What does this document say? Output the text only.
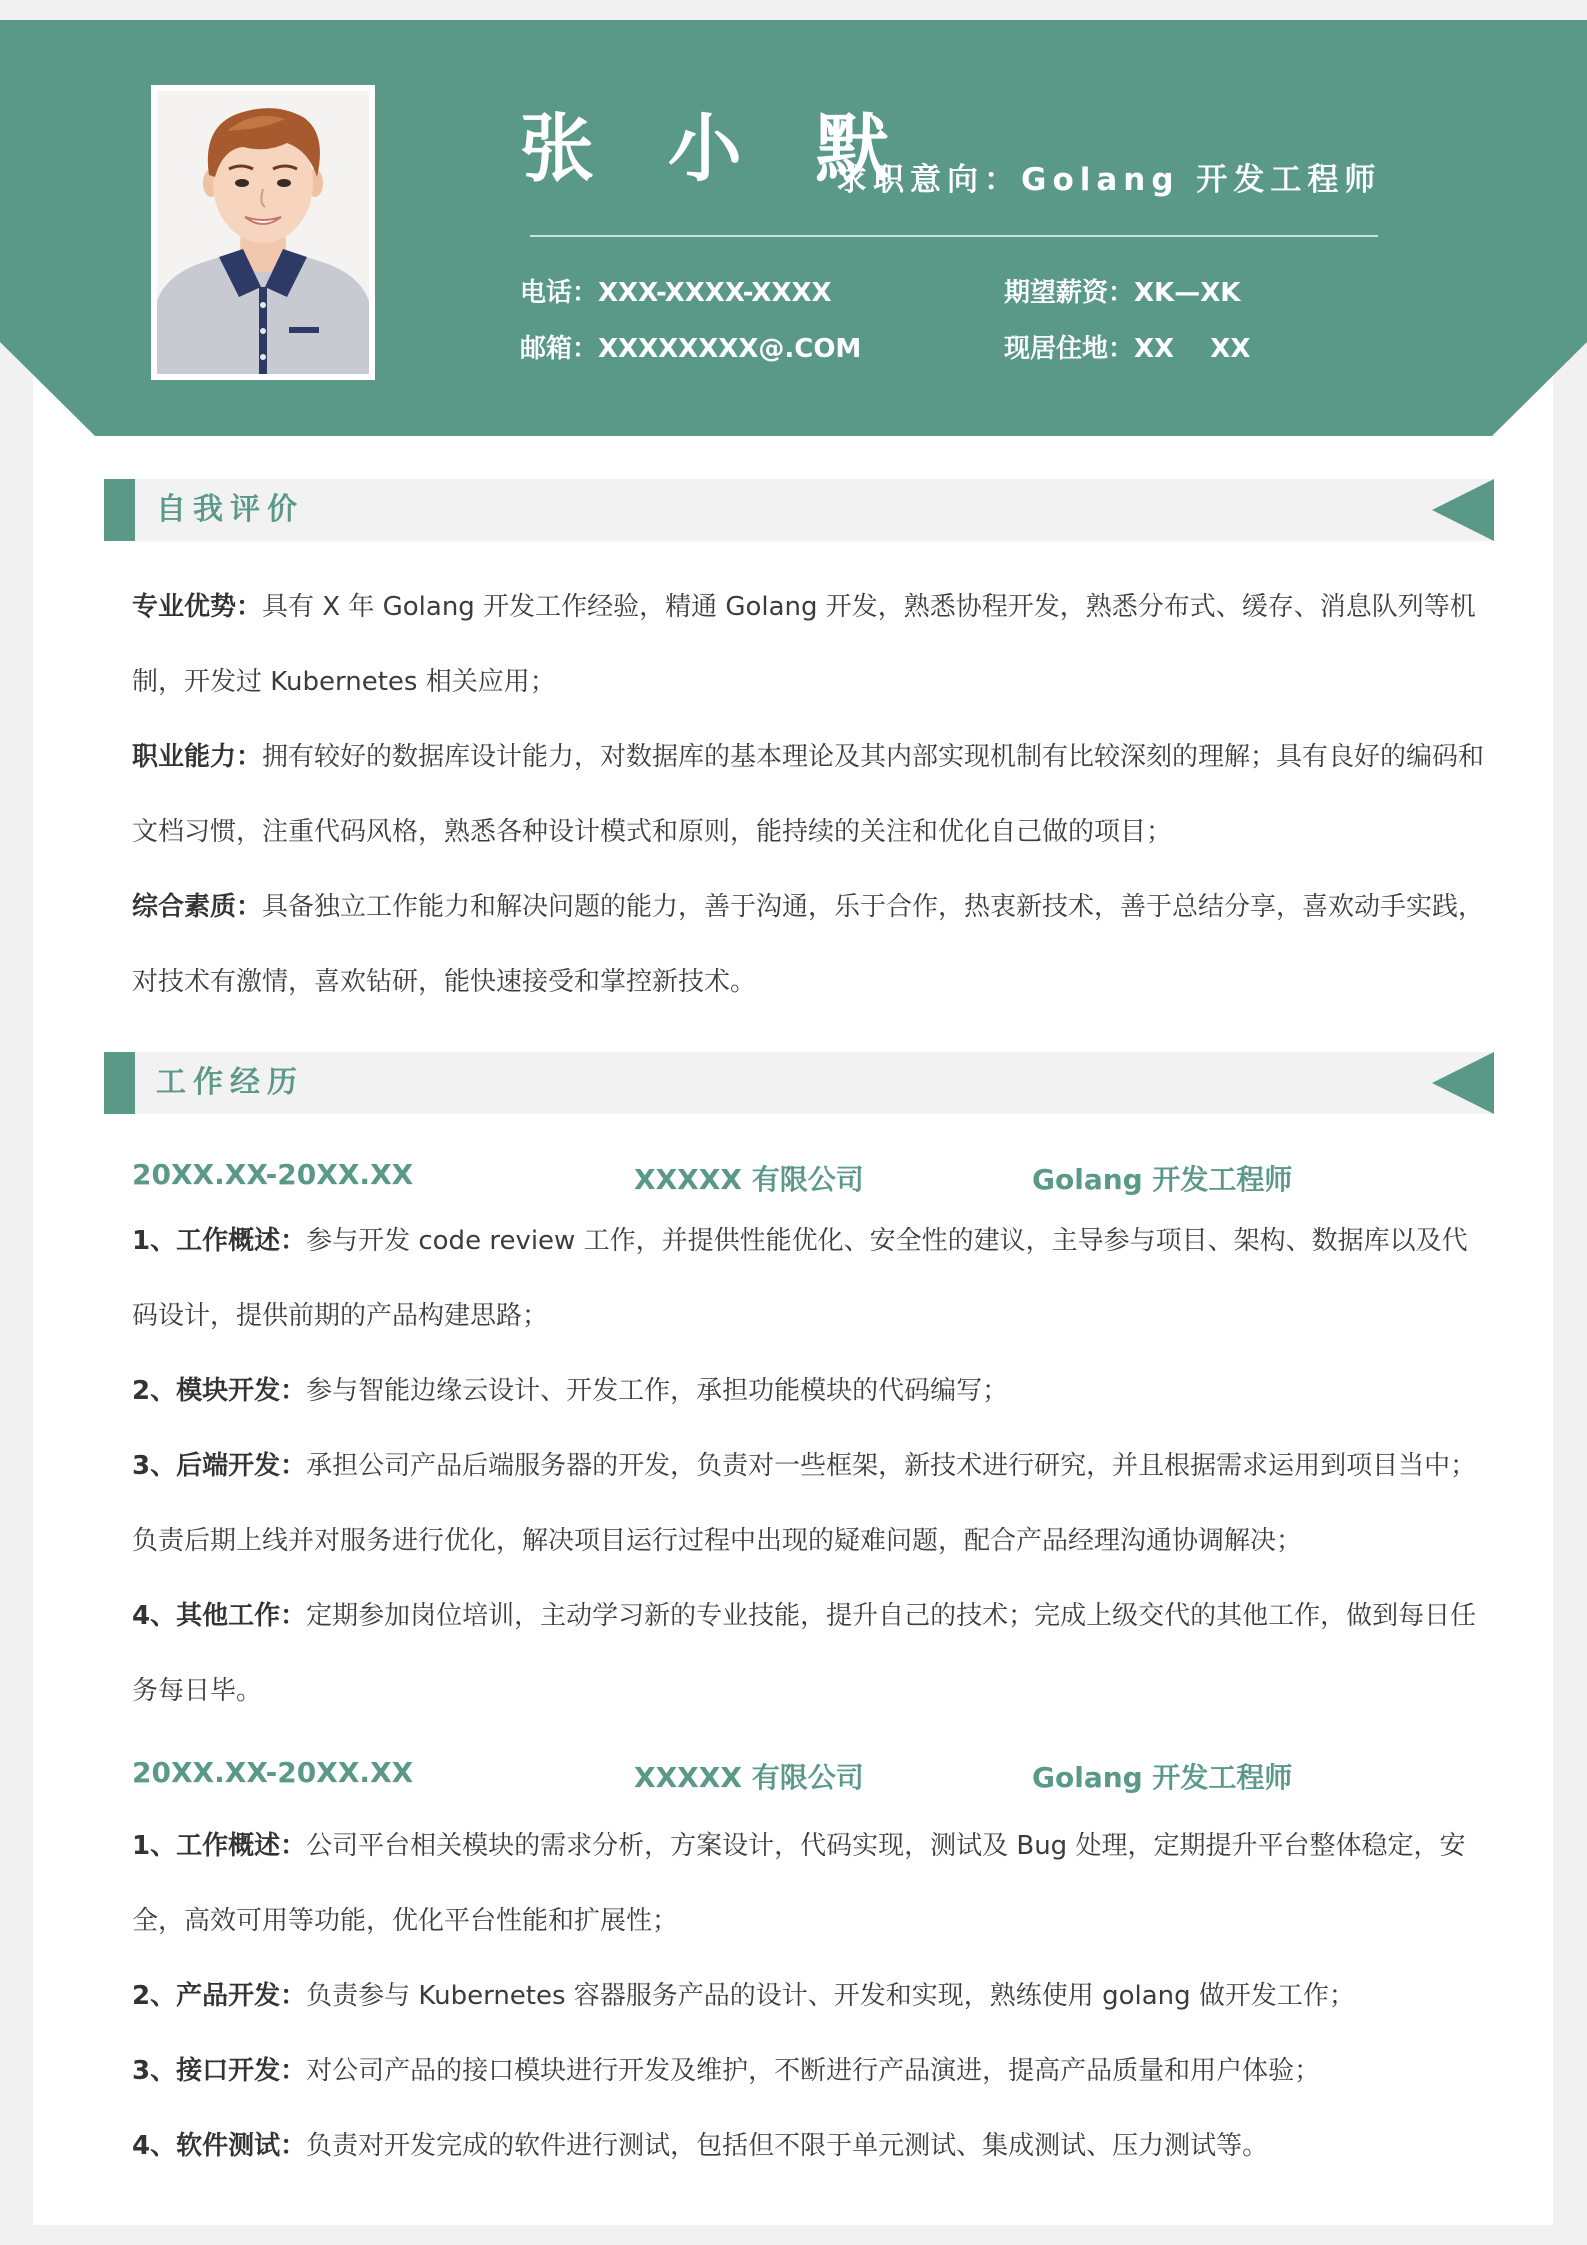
张 小 默
求职意向：Golang 开发工程师
电话：XXX-XXXX-XXXX	期望薪资：XK—XK
邮箱：XXXXXXXX@.COM	现居住地：XX    XX
自我评价

专业优势：具有 X 年 Golang 开发工作经验，精通 Golang 开发，熟悉协程开发，熟悉分布式、缓存、消息队列等机制，开发过 Kubernetes 相关应用；

职业能力：拥有较好的数据库设计能力，对数据库的基本理论及其内部实现机制有比较深刻的理解；具有良好的编码和文档习惯，注重代码风格，熟悉各种设计模式和原则，能持续的关注和优化自己做的项目；

综合素质：具备独立工作能力和解决问题的能力，善于沟通，乐于合作，热衷新技术，善于总结分享，喜欢动手实践，对技术有激情，喜欢钻研，能快速接受和掌控新技术。

工作经历
20XX.XX-20XX.XX	XXXXX 有限公司	Golang 开发工程师

1、工作概述：参与开发 code review 工作，并提供性能优化、安全性的建议，主导参与项目、架构、数据库以及代码设计，提供前期的产品构建思路；

2、模块开发：参与智能边缘云设计、开发工作，承担功能模块的代码编写；

3、后端开发：承担公司产品后端服务器的开发，负责对一些框架，新技术进行研究，并且根据需求运用到项目当中；负责后期上线并对服务进行优化，解决项目运行过程中出现的疑难问题，配合产品经理沟通协调解决；

4、其他工作：定期参加岗位培训，主动学习新的专业技能，提升自己的技术；完成上级交代的其他工作，做到每日任务每日毕。

20XX.XX-20XX.XX	XXXXX 有限公司	Golang 开发工程师

1、工作概述：公司平台相关模块的需求分析，方案设计，代码实现，测试及 Bug 处理，定期提升平台整体稳定，安全，高效可用等功能，优化平台性能和扩展性；

2、产品开发：负责参与 Kubernetes 容器服务产品的设计、开发和实现，熟练使用 golang 做开发工作；

3、接口开发：对公司产品的接口模块进行开发及维护，不断进行产品演进，提高产品质量和用户体验；

4、软件测试：负责对开发完成的软件进行测试，包括但不限于单元测试、集成测试、压力测试等。
